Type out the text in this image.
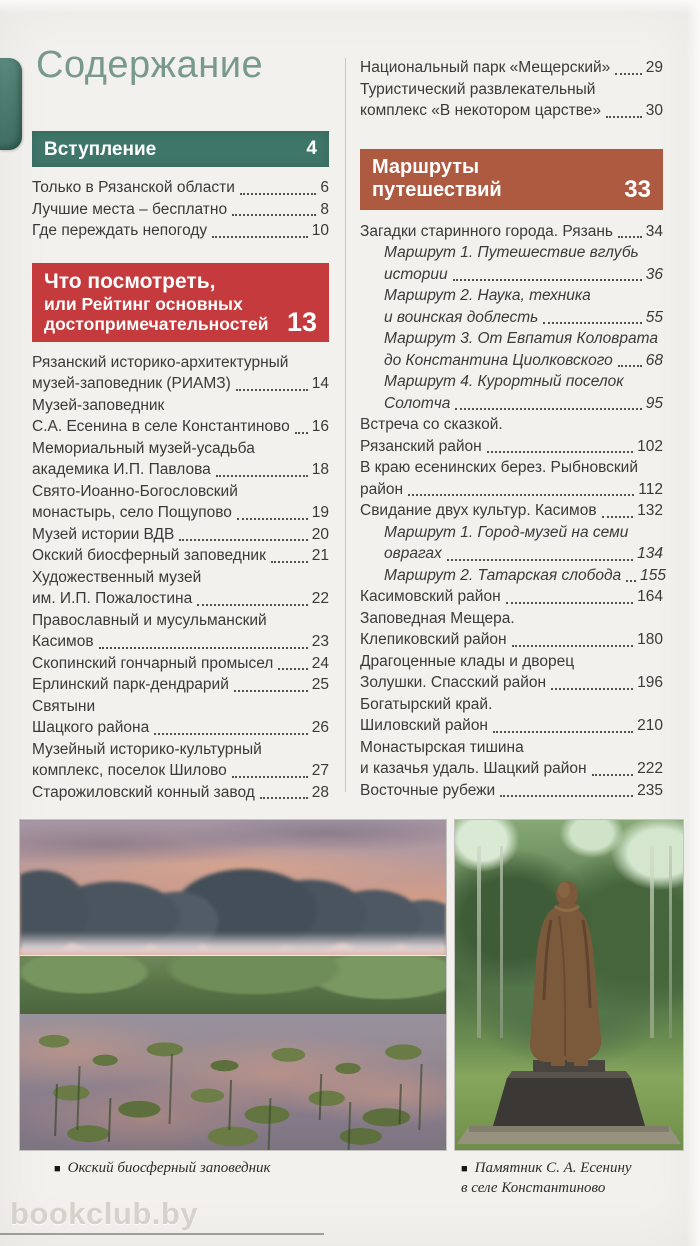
Содержание
Вступление	4
Только в Рязанской области	6
Лучшие места – бесплатно	8
Где переждать непогоду	10
Что посмотреть,
или Рейтинг основных
достопримечательностей 13
Рязанский историко-архитектурный
музей-заповедник (РИАМЗ)	14
Музей-заповедник
С.А. Есенина в селе Константиново 16
Мемориальный музей-усадьба
академика И.П. Павлова	18
Свято-Иоанно-Богословский
монастырь, село Пощупово	19
Музей истории ВДВ	20
Окский биосферный заповедник	21
Художественный музей
им. И.П. Пожалостина	22
Православный и мусульманский
Касимов	23
Скопинский гончарный промысел 24
Ерлинский парк-дендрарий	25
Святыни
Шацкого района	26
Музейный историко-культурный
комплекс, поселок Шилово	27
Старожиловский конный завод	28
Национальный парк «Мещерский» 29
Туристический развлекательный
комплекс «В некотором царстве»	30
Маршруты
путешествий	33
Загадки старинного города. Рязань 34
Маршрут 1. Путешествие вглубь
истории	36
Маршрут 2. Наука, техника
и воинская доблесть	55
Маршрут 3. От Евпатия Коловрата
до Константина Циолковского 68
Маршрут 4. Курортный поселок
Солотча	95
Встреча со сказкой.
Рязанский район	102
В краю есенинских берез. Рыбновский
район	112
Свидание двух культур. Касимов	132
Маршрут 1. Город-музей на семи
оврагах	134
Маршрут 2. Татарская слобода 155
Касимовский район	164
Заповедная Мещера.
Клепиковский район	180
Драгоценные клады и дворец
Золушки. Спасский район	196
Богатырский край.
Шиловский район	210
Монастырская тишина
и казачья удаль. Шацкий район	222
Восточные рубежи	235
■ Окский биосферный заповедник	■ Памятник С. А. Есенину
в селе Константиново
bookclub.by
